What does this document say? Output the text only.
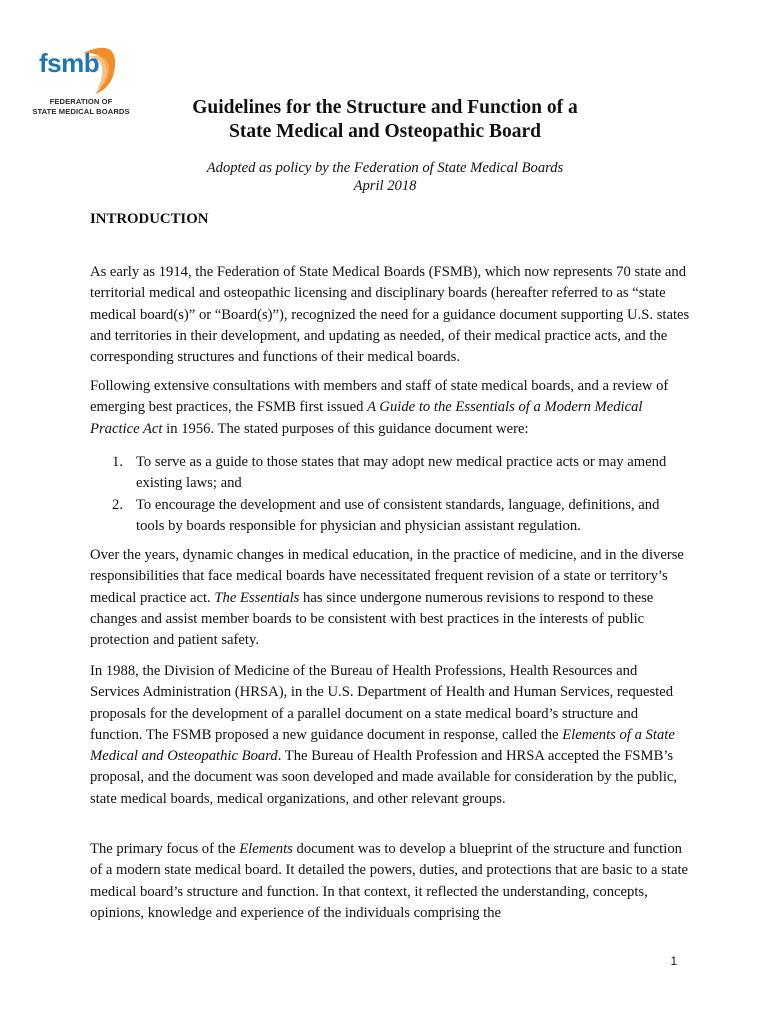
fsmb
FEDERATION OF
STATE MEDICAL BOARDS	Guidelines for the Structure and Function of a
State Medical and Osteopathic Board
Adopted as policy by the Federation of State Medical Boards
April 2018
INTRODUCTION

As early as 1914, the Federation of State Medical Boards (FSMB), which now represents 70 state and territorial medical and osteopathic licensing and disciplinary boards (hereafter referred to as “state medical board(s)” or “Board(s)”), recognized the need for a guidance document supporting U.S. states and territories in their development, and updating as needed, of their medical practice acts, and the corresponding structures and functions of their medical boards.

Following extensive consultations with members and staff of state medical boards, and a review of emerging best practices, the FSMB first issued A Guide to the Essentials of a Modern Medical Practice Act in 1956. The stated purposes of this guidance document were:

1. To serve as a guide to those states that may adopt new medical practice acts or may amend existing laws; and
2. To encourage the development and use of consistent standards, language, definitions, and tools by boards responsible for physician and physician assistant regulation.

Over the years, dynamic changes in medical education, in the practice of medicine, and in the diverse responsibilities that face medical boards have necessitated frequent revision of a state or territory’s medical practice act. The Essentials has since undergone numerous revisions to respond to these changes and assist member boards to be consistent with best practices in the interests of public protection and patient safety.

In 1988, the Division of Medicine of the Bureau of Health Professions, Health Resources and Services Administration (HRSA), in the U.S. Department of Health and Human Services, requested proposals for the development of a parallel document on a state medical board’s structure and function. The FSMB proposed a new guidance document in response, called the Elements of a State Medical and Osteopathic Board. The Bureau of Health Profession and HRSA accepted the FSMB’s proposal, and the document was soon developed and made available for consideration by the public, state medical boards, medical organizations, and other relevant groups.

The primary focus of the Elements document was to develop a blueprint of the structure and function of a modern state medical board. It detailed the powers, duties, and protections that are basic to a state medical board’s structure and function. In that context, it reflected the understanding, concepts, opinions, knowledge and experience of the individuals comprising the

1
